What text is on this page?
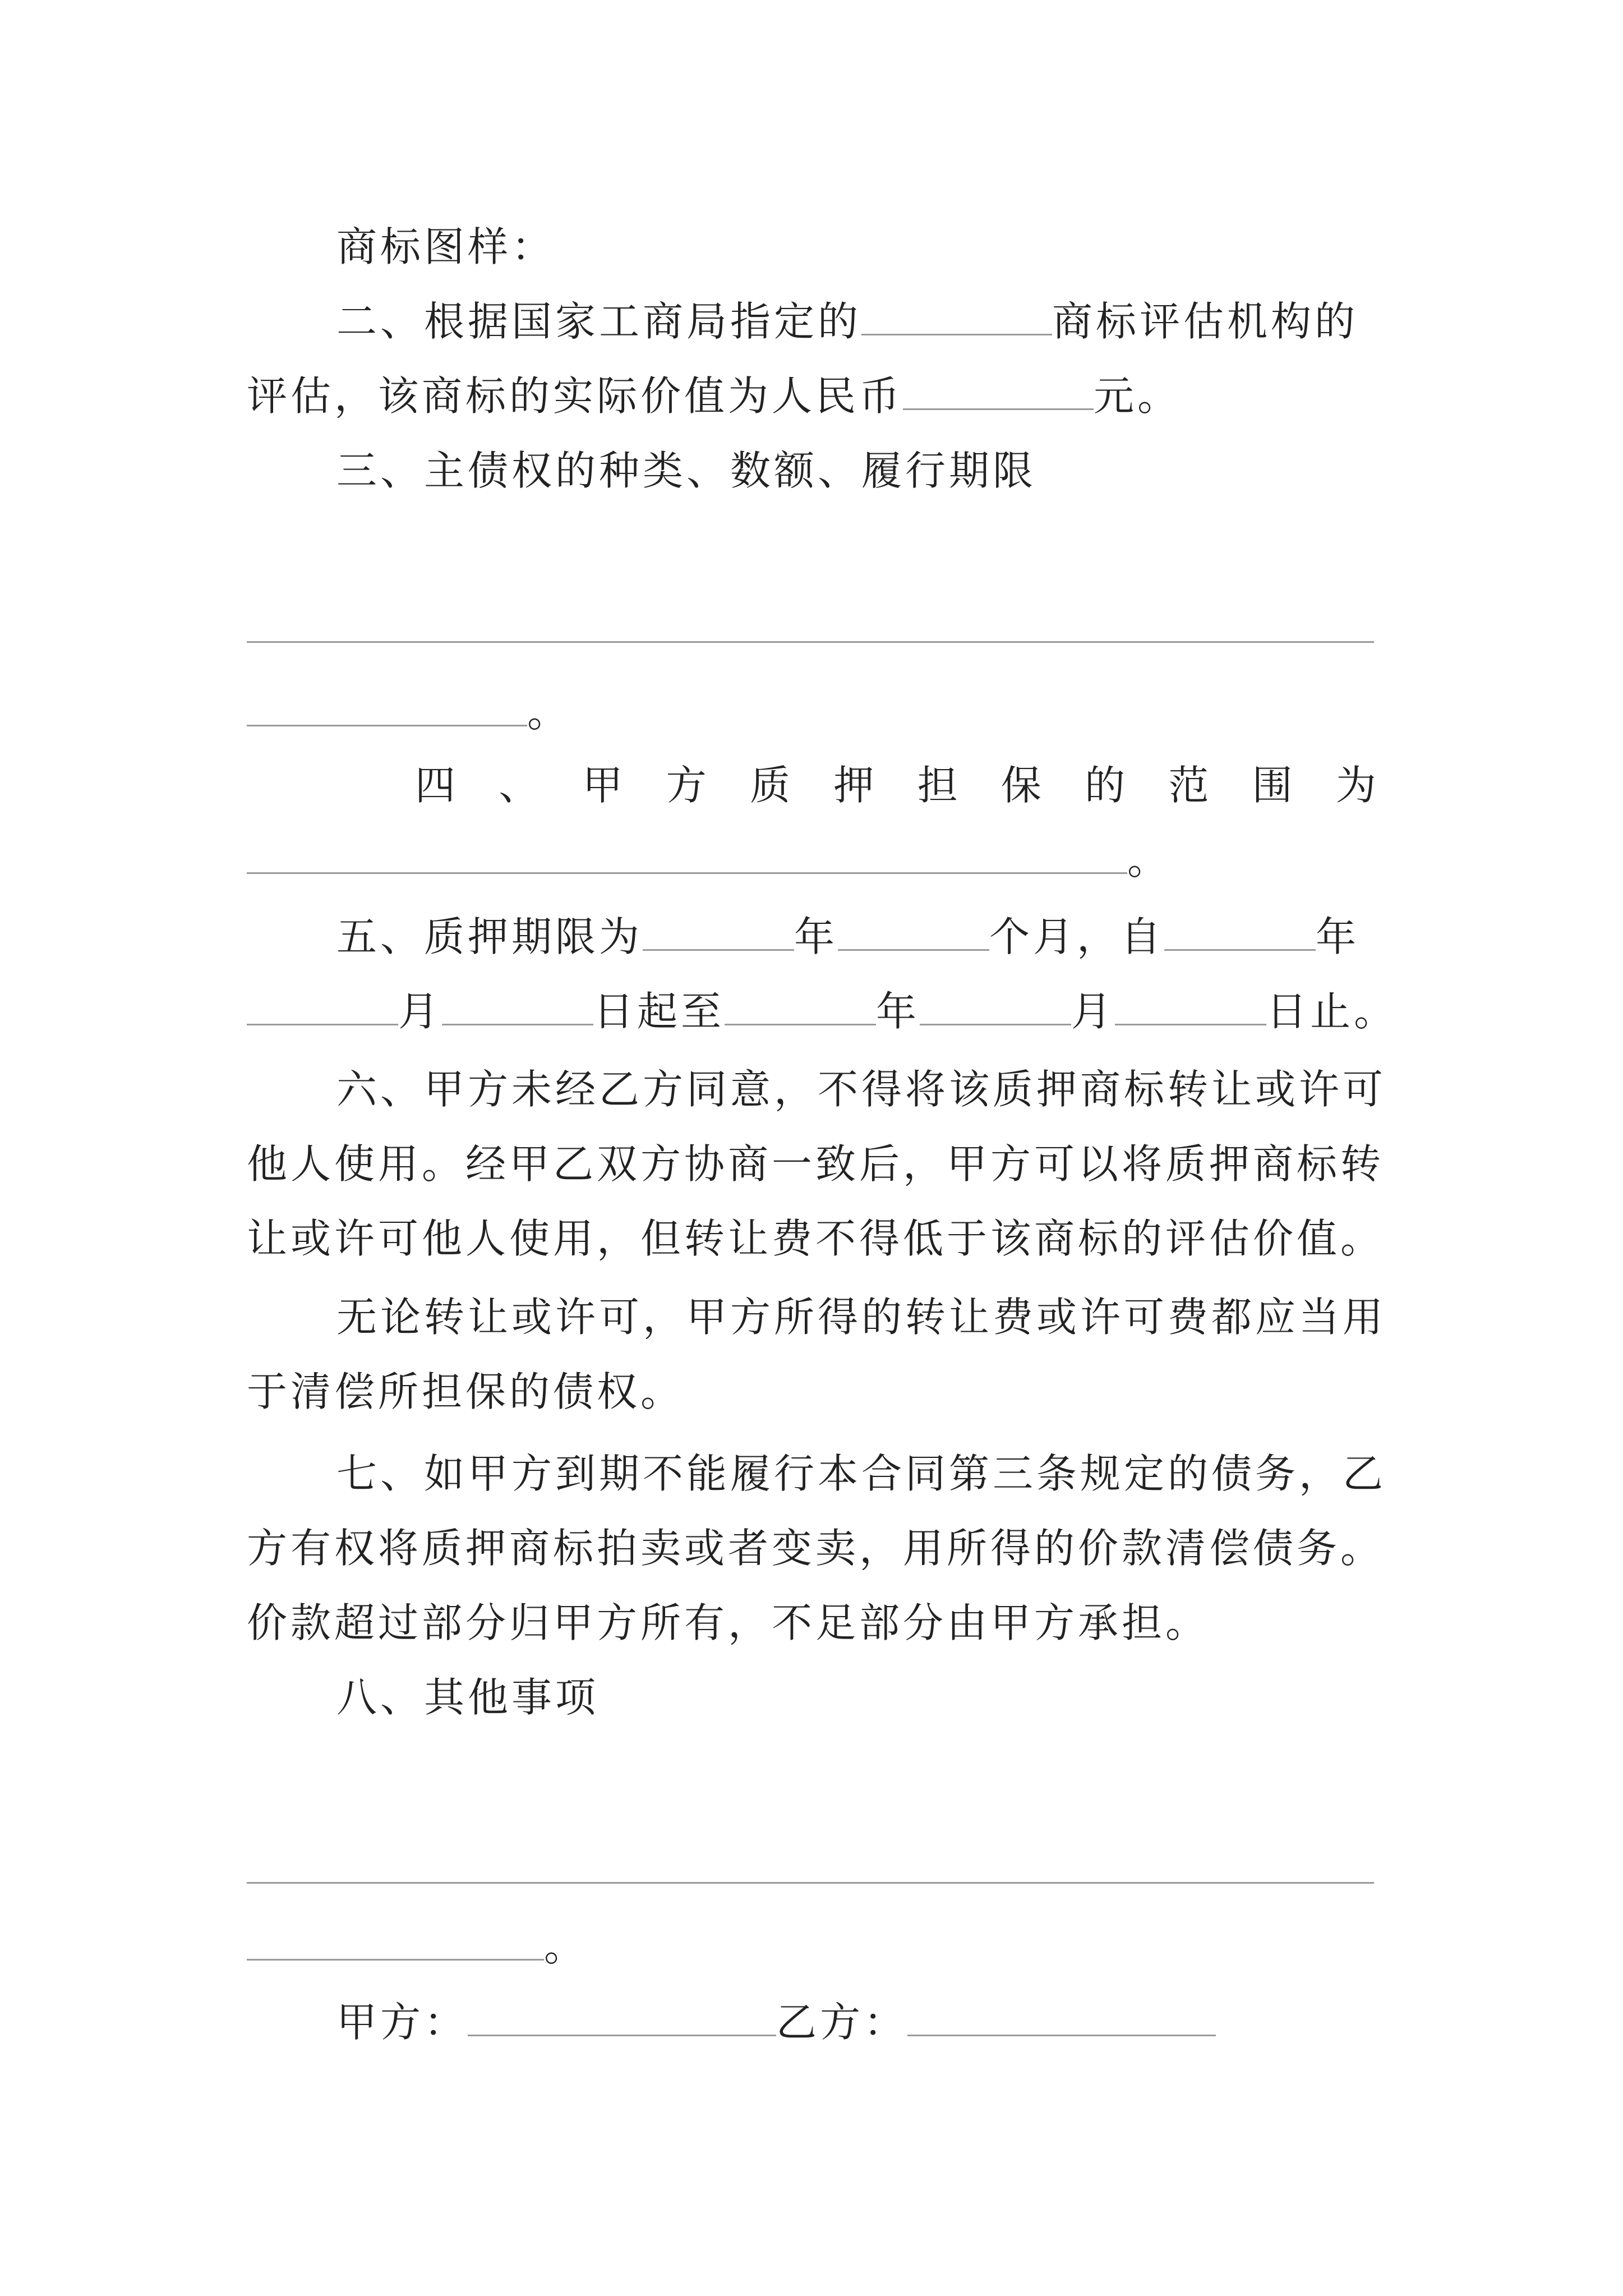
商标图样：
二、根据国家工商局指定的	商标评估机构的
评估，该商标的实际价值为人民币	元。
三、主债权的种类、数额、履行期限
。
四 、 甲 方 质 押 担 保 的 范 围 为
。
五、质押期限为	年	个月，自	年
月	日起至	年	月	日止。
六、甲方未经乙方同意，不得将该质押商标转让或许可
他人使用。经甲乙双方协商一致后，甲方可以将质押商标转
让或许可他人使用，但转让费不得低于该商标的评估价值。
无论转让或许可，甲方所得的转让费或许可费都应当用
于清偿所担保的债权。
七、如甲方到期不能履行本合同第三条规定的债务，乙
方有权将质押商标拍卖或者变卖，用所得的价款清偿债务。
价款超过部分归甲方所有，不足部分由甲方承担。
八、其他事项
。
甲方：	乙方：
